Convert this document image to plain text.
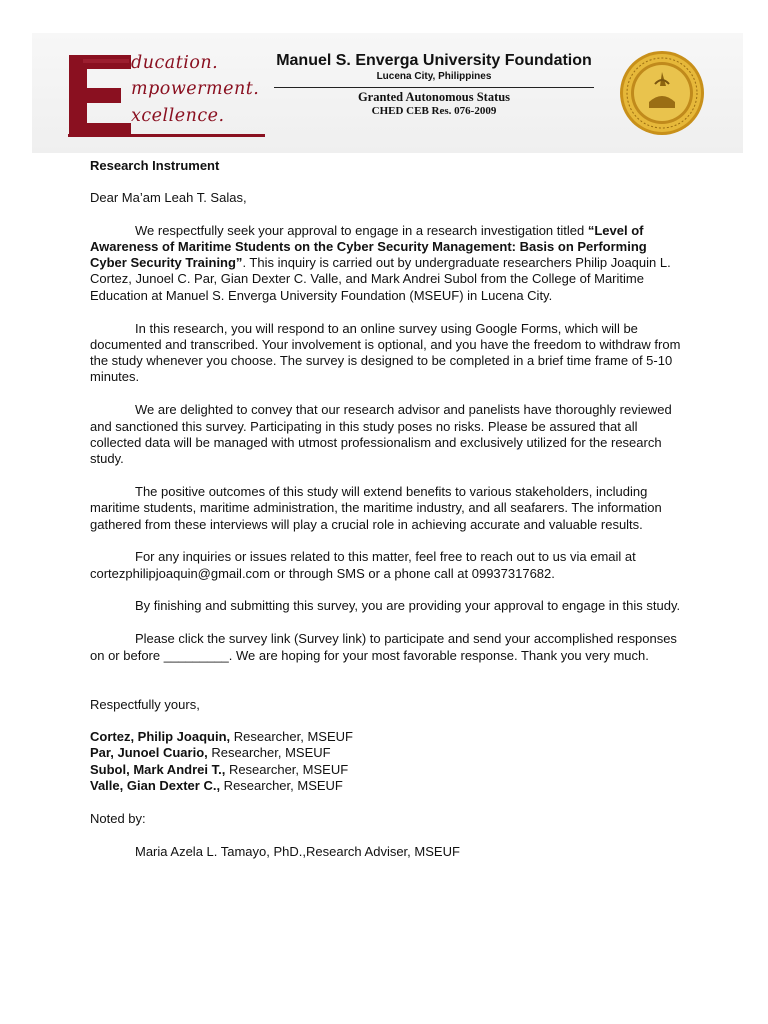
ducation.
mpowerment.
xcellence.
Manuel S. Enverga University Foundation
Lucena City, Philippines
Granted Autonomous Status
CHED CEB Res. 076-2009

Research Instrument

Dear Ma’am Leah T. Salas,

We respectfully seek your approval to engage in a research investigation titled “Level of Awareness of Maritime Students on the Cyber Security Management: Basis on Performing Cyber Security Training”. This inquiry is carried out by undergraduate researchers Philip Joaquin L. Cortez, Junoel C. Par, Gian Dexter C. Valle, and Mark Andrei Subol from the College of Maritime Education at Manuel S. Enverga University Foundation (MSEUF) in Lucena City.

In this research, you will respond to an online survey using Google Forms, which will be documented and transcribed. Your involvement is optional, and you have the freedom to withdraw from the study whenever you choose. The survey is designed to be completed in a brief time frame of 5-10 minutes.

We are delighted to convey that our research advisor and panelists have thoroughly reviewed and sanctioned this survey. Participating in this study poses no risks. Please be assured that all collected data will be managed with utmost professionalism and exclusively utilized for the research study.

The positive outcomes of this study will extend benefits to various stakeholders, including maritime students, maritime administration, the maritime industry, and all seafarers. The information gathered from these interviews will play a crucial role in achieving accurate and valuable results.

For any inquiries or issues related to this matter, feel free to reach out to us via email at cortezphilipjoaquin@gmail.com or through SMS or a phone call at 09937317682.

By finishing and submitting this survey, you are providing your approval to engage in this study.

Please click the survey link (Survey link) to participate and send your accomplished responses on or before _________. We are hoping for your most favorable response. Thank you very much.

Respectfully yours,

Cortez, Philip Joaquin, Researcher, MSEUF

Par, Junoel Cuario, Researcher, MSEUF

Subol, Mark Andrei T., Researcher, MSEUF

Valle, Gian Dexter C., Researcher, MSEUF

Noted by:

Maria Azela L. Tamayo, PhD.,Research Adviser, MSEUF
